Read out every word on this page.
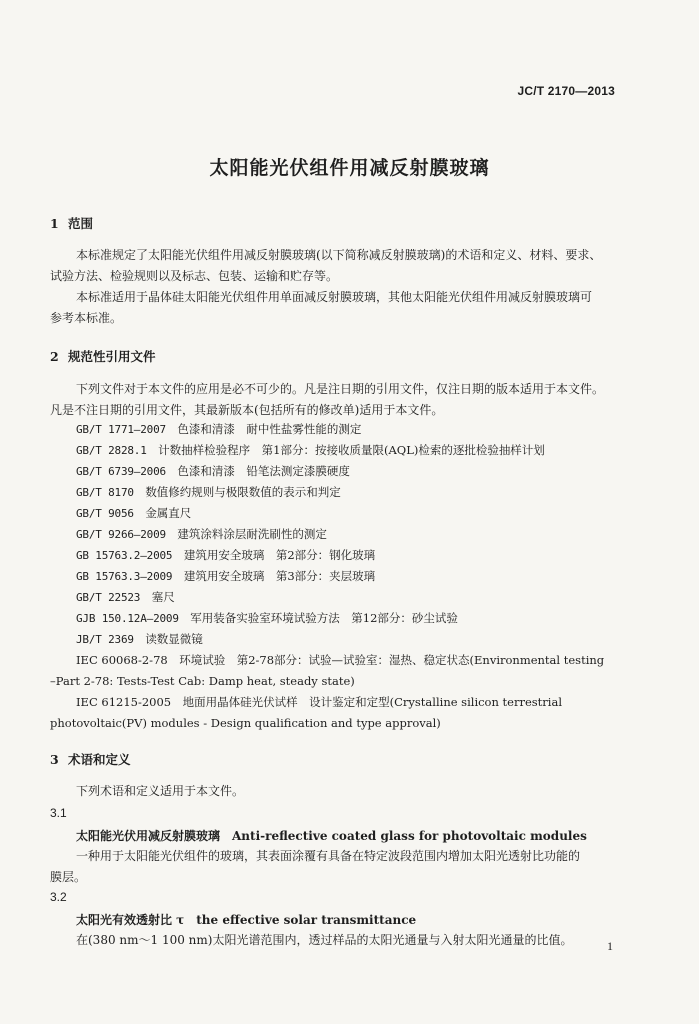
JC/T 2170—2013
太阳能光伏组件用减反射膜玻璃
1 范围
本标准规定了太阳能光伏组件用减反射膜玻璃(以下简称减反射膜玻璃)的术语和定义、材料、要求、
试验方法、检验规则以及标志、包装、运输和贮存等。
本标准适用于晶体硅太阳能光伏组件用单面减反射膜玻璃，其他太阳能光伏组件用减反射膜玻璃可
参考本标准。
2 规范性引用文件
下列文件对于本文件的应用是必不可少的。凡是注日期的引用文件，仅注日期的版本适用于本文件。
凡是不注日期的引用文件，其最新版本(包括所有的修改单)适用于本文件。
GB/T 1771—2007　 色漆和清漆　耐中性盐雾性能的测定
GB/T 2828.1　 计数抽样检验程序　第1部分：按接收质量限(AQL)检索的逐批检验抽样计划
GB/T 6739—2006　 色漆和清漆　铅笔法测定漆膜硬度
GB/T 8170　 数值修约规则与极限数值的表示和判定
GB/T 9056　 金属直尺
GB/T 9266—2009　 建筑涂料涂层耐洗刷性的测定
GB 15763.2—2005　 建筑用安全玻璃　第2部分：钢化玻璃
GB 15763.3—2009　 建筑用安全玻璃　第3部分：夹层玻璃
GB/T 22523　 塞尺
GJB 150.12A—2009　 军用装备实验室环境试验方法　第12部分：砂尘试验
JB/T 2369　 读数显微镜
IEC 60068-2-78　环境试验　第2-78部分：试验—试验室：湿热、稳定状态(Environmental testing
–Part 2-78: Tests-Test Cab: Damp heat, steady state)
IEC 61215-2005　地面用晶体硅光伏试样　设计鉴定和定型(Crystalline silicon terrestrial
photovoltaic(PV) modules - Design qualification and type approval)
3 术语和定义
下列术语和定义适用于本文件。
3.1
太阳能光伏用减反射膜玻璃　Anti-reflective coated glass for photovoltaic modules
一种用于太阳能光伏组件的玻璃，其表面涂覆有具备在特定波段范围内增加太阳光透射比功能的
膜层。
3.2
太阳光有效透射比 τ　the effective solar transmittance
在(380 nm～1 100 nm)太阳光谱范围内，透过样品的太阳光通量与入射太阳光通量的比值。	1
